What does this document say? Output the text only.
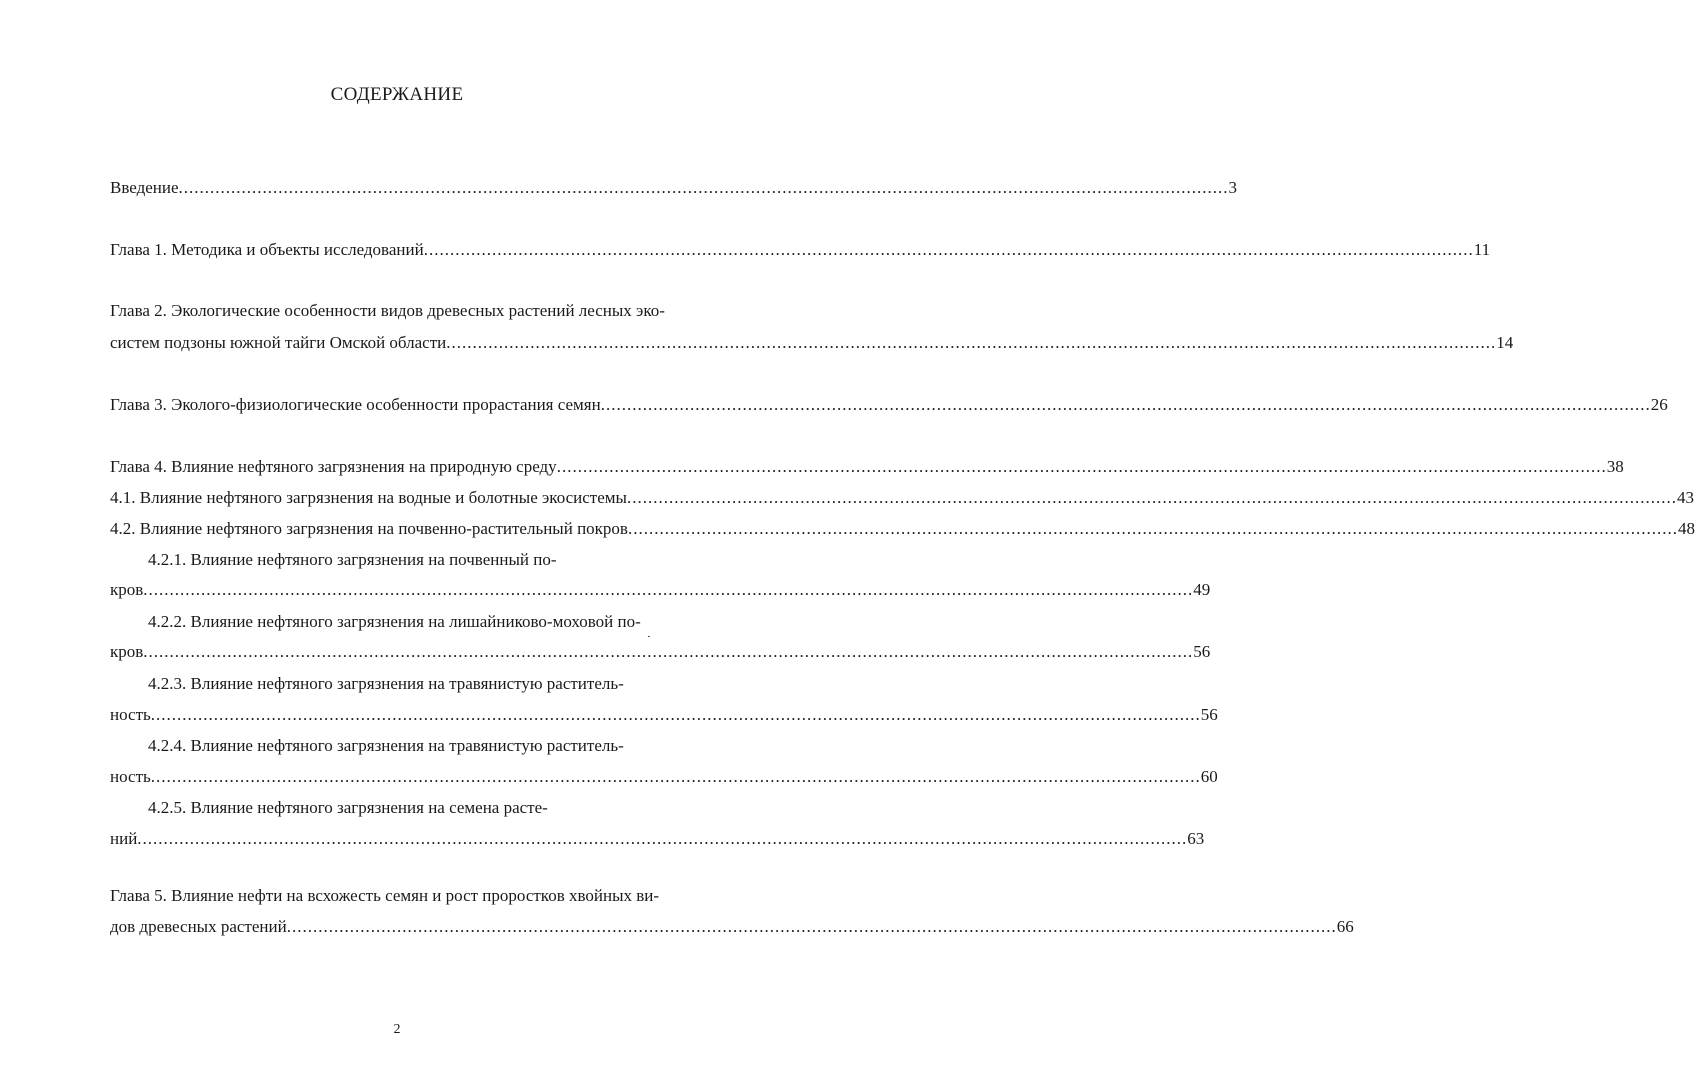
СОДЕРЖАНИЕ
Введение ........................................................................................................................................................................................................ 3
Глава 1. Методика и объекты исследований ........................................................................................................................................................................................................ 11
Глава 2. Экологические особенности видов древесных растений лесных эко-
систем подзоны южной тайги Омской области ........................................................................................................................................................................................................ 14
Глава 3. Эколого-физиологические особенности прорастания семян ........................................................................................................................................................................................................ 26
Глава 4. Влияние нефтяного загрязнения на природную среду ........................................................................................................................................................................................................ 38
4.1. Влияние нефтяного загрязнения на водные и болотные экосистемы ........................................................................................................................................................................................................ 43
4.2. Влияние нефтяного загрязнения на почвенно-растительный покров ........................................................................................................................................................................................................ 48
4.2.1. Влияние нефтяного загрязнения на почвенный по-
кров ........................................................................................................................................................................................................ 49
4.2.2. Влияние нефтяного загрязнения на лишайниково-моховой по-
кров ........................................................................................................................................................................................................ 56
4.2.3. Влияние нефтяного загрязнения на травянистую раститель-
ность ........................................................................................................................................................................................................ 56
4.2.4. Влияние нефтяного загрязнения на травянистую раститель-
ность ........................................................................................................................................................................................................ 60
4.2.5. Влияние нефтяного загрязнения на семена расте-
ний ........................................................................................................................................................................................................ 63
Глава 5. Влияние нефти на всхожесть семян и рост проростков хвойных ви-
дов древесных растений ........................................................................................................................................................................................................ 66
2
